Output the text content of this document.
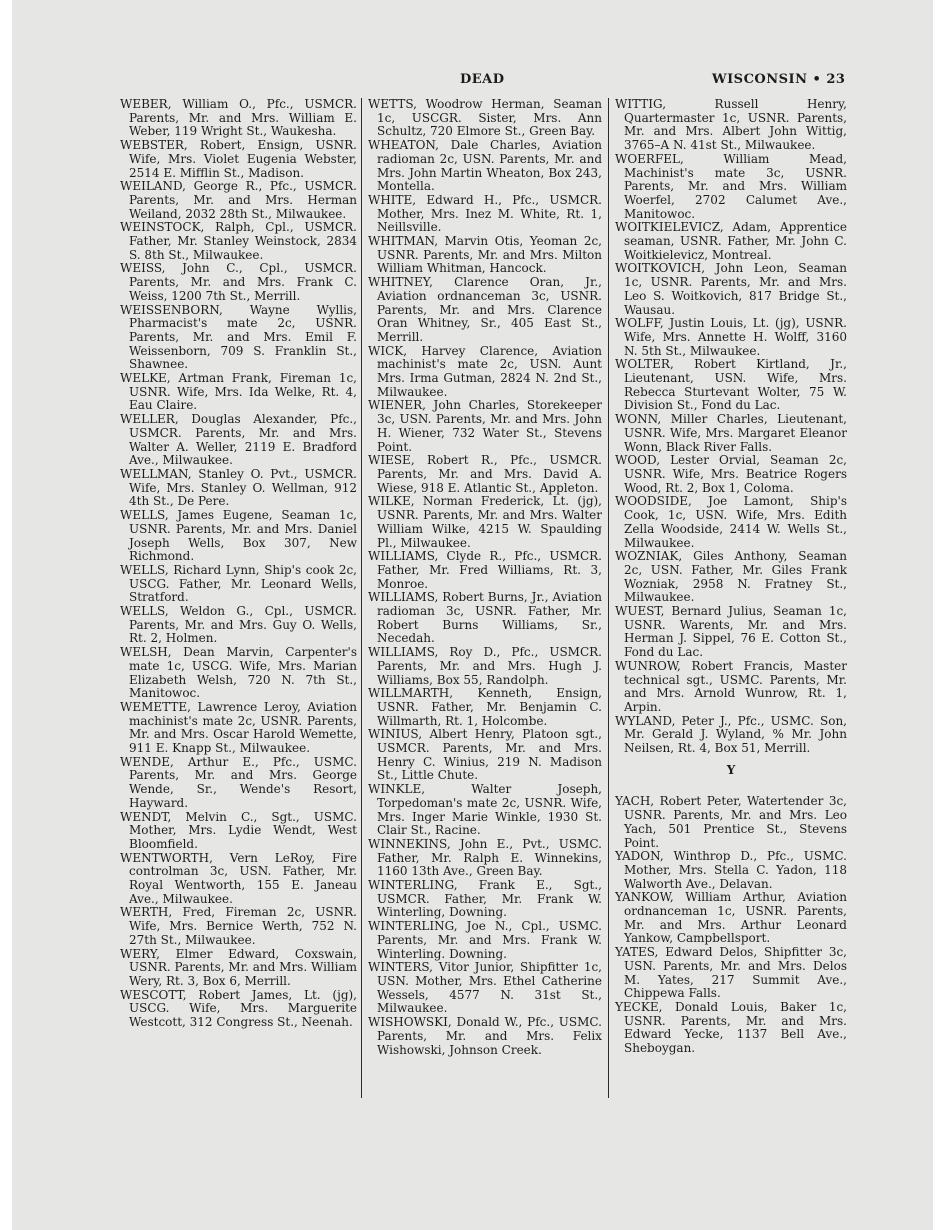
DEAD	WISCONSIN • 23

WEBER, William O., Pfc., USMCR. Parents, Mr. and Mrs. William E. Weber, 119 Wright St., Waukesha.

WEBSTER, Robert, Ensign, USNR. Wife, Mrs. Violet Eugenia Webster, 2514 E. Mifflin St., Madison.

WEILAND, George R., Pfc., USMCR. Parents, Mr. and Mrs. Herman Weiland, 2032 28th St., Milwaukee.

WEINSTOCK, Ralph, Cpl., USMCR. Father, Mr. Stanley Weinstock, 2834 S. 8th St., Milwaukee.

WEISS, John C., Cpl., USMCR. Parents, Mr. and Mrs. Frank C. Weiss, 1200 7th St., Merrill.

WEISSENBORN, Wayne Wyllis, Pharmacist's mate 2c, USNR. Parents, Mr. and Mrs. Emil F. Weissenborn, 709 S. Franklin St., Shawnee.

WELKE, Artman Frank, Fireman 1c, USNR. Wife, Mrs. Ida Welke, Rt. 4, Eau Claire.

WELLER, Douglas Alexander, Pfc., USMCR. Parents, Mr. and Mrs. Walter A. Weller, 2119 E. Bradford Ave., Milwaukee.

WELLMAN, Stanley O. Pvt., USMCR. Wife, Mrs. Stanley O. Wellman, 912 4th St., De Pere.

WELLS, James Eugene, Seaman 1c, USNR. Parents, Mr. and Mrs. Daniel Joseph Wells, Box 307, New Richmond.

WELLS, Richard Lynn, Ship's cook 2c, USCG. Father, Mr. Leonard Wells, Stratford.

WELLS, Weldon G., Cpl., USMCR. Parents, Mr. and Mrs. Guy O. Wells, Rt. 2, Holmen.

WELSH, Dean Marvin, Carpenter's mate 1c, USCG. Wife, Mrs. Marian Elizabeth Welsh, 720 N. 7th St., Manitowoc.

WEMETTE, Lawrence Leroy, Aviation machinist's mate 2c, USNR. Parents, Mr. and Mrs. Oscar Harold Wemette, 911 E. Knapp St., Milwaukee.

WENDE, Arthur E., Pfc., USMC. Parents, Mr. and Mrs. George Wende, Sr., Wende's Resort, Hayward.

WENDT, Melvin C., Sgt., USMC. Mother, Mrs. Lydie Wendt, West Bloomfield.

WENTWORTH, Vern LeRoy, Fire controlman 3c, USN. Father, Mr. Royal Wentworth, 155 E. Janeau Ave., Milwaukee.

WERTH, Fred, Fireman 2c, USNR. Wife, Mrs. Bernice Werth, 752 N. 27th St., Milwaukee.

WERY, Elmer Edward, Coxswain, USNR. Parents, Mr. and Mrs. William Wery, Rt. 3, Box 6, Merrill.

WESCOTT, Robert James, Lt. (jg), USCG. Wife, Mrs. Marguerite Westcott, 312 Congress St., Neenah.

WETTS, Woodrow Herman, Seaman 1c, USCGR. Sister, Mrs. Ann Schultz, 720 Elmore St., Green Bay.

WHEATON, Dale Charles, Aviation radioman 2c, USN. Parents, Mr. and Mrs. John Martin Wheaton, Box 243, Montella.

WHITE, Edward H., Pfc., USMCR. Mother, Mrs. Inez M. White, Rt. 1, Neillsville.

WHITMAN, Marvin Otis, Yeoman 2c, USNR. Parents, Mr. and Mrs. Milton William Whitman, Hancock.

WHITNEY, Clarence Oran, Jr., Aviation ordnanceman 3c, USNR. Parents, Mr. and Mrs. Clarence Oran Whitney, Sr., 405 East St., Merrill.

WICK, Harvey Clarence, Aviation machinist's mate 2c, USN. Aunt Mrs. Irma Gutman, 2824 N. 2nd St., Milwaukee.

WIENER, John Charles, Storekeeper 3c, USN. Parents, Mr. and Mrs. John H. Wiener, 732 Water St., Stevens Point.

WIESE, Robert R., Pfc., USMCR. Parents, Mr. and Mrs. David A. Wiese, 918 E. Atlantic St., Appleton.

WILKE, Norman Frederick, Lt. (jg), USNR. Parents, Mr. and Mrs. Walter William Wilke, 4215 W. Spaulding Pl., Milwaukee.

WILLIAMS, Clyde R., Pfc., USMCR. Father, Mr. Fred Williams, Rt. 3, Monroe.

WILLIAMS, Robert Burns, Jr., Aviation radioman 3c, USNR. Father, Mr. Robert Burns Williams, Sr., Necedah.

WILLIAMS, Roy D., Pfc., USMCR. Parents, Mr. and Mrs. Hugh J. Williams, Box 55, Randolph.

WILLMARTH, Kenneth, Ensign, USNR. Father, Mr. Benjamin C. Willmarth, Rt. 1, Holcombe.

WINIUS, Albert Henry, Platoon sgt., USMCR. Parents, Mr. and Mrs. Henry C. Winius, 219 N. Madison St., Little Chute.

WINKLE, Walter Joseph, Torpedoman's mate 2c, USNR. Wife, Mrs. Inger Marie Winkle, 1930 St. Clair St., Racine.

WINNEKINS, John E., Pvt., USMC. Father, Mr. Ralph E. Winnekins, 1160 13th Ave., Green Bay.

WINTERLING, Frank E., Sgt., USMCR. Father, Mr. Frank W. Winterling, Downing.

WINTERLING, Joe N., Cpl., USMC. Parents, Mr. and Mrs. Frank W. Winterling. Downing.

WINTERS, Vitor Junior, Shipfitter 1c, USN. Mother, Mrs. Ethel Catherine Wessels, 4577 N. 31st St., Milwaukee.

WISHOWSKI, Donald W., Pfc., USMC. Parents, Mr. and Mrs. Felix Wishowski, Johnson Creek.

WITTIG, Russell Henry, Quartermaster 1c, USNR. Parents, Mr. and Mrs. Albert John Wittig, 3765–A N. 41st St., Milwaukee.

WOERFEL, William Mead, Machinist's mate 3c, USNR. Parents, Mr. and Mrs. William Woerfel, 2702 Calumet Ave., Manitowoc.

WOITKIELEVICZ, Adam, Apprentice seaman, USNR. Father, Mr. John C. Woitkielevicz, Montreal.

WOITKOVICH, John Leon, Seaman 1c, USNR. Parents, Mr. and Mrs. Leo S. Woitkovich, 817 Bridge St., Wausau.

WOLFF, Justin Louis, Lt. (jg), USNR. Wife, Mrs. Annette H. Wolff, 3160 N. 5th St., Milwaukee.

WOLTER, Robert Kirtland, Jr., Lieutenant, USN. Wife, Mrs. Rebecca Sturtevant Wolter, 75 W. Division St., Fond du Lac.

WONN, Miller Charles, Lieutenant, USNR. Wife, Mrs. Margaret Eleanor Wonn, Black River Falls.

WOOD, Lester Orvial, Seaman 2c, USNR. Wife, Mrs. Beatrice Rogers Wood, Rt. 2, Box 1, Coloma.

WOODSIDE, Joe Lamont, Ship's Cook, 1c, USN. Wife, Mrs. Edith Zella Woodside, 2414 W. Wells St., Milwaukee.

WOZNIAK, Giles Anthony, Seaman 2c, USN. Father, Mr. Giles Frank Wozniak, 2958 N. Fratney St., Milwaukee.

WUEST, Bernard Julius, Seaman 1c, USNR. Warents, Mr. and Mrs. Herman J. Sippel, 76 E. Cotton St., Fond du Lac.

WUNROW, Robert Francis, Master technical sgt., USMC. Parents, Mr. and Mrs. Arnold Wunrow, Rt. 1, Arpin.

WYLAND, Peter J., Pfc., USMC. Son, Mr. Gerald J. Wyland, % Mr. John Neilsen, Rt. 4, Box 51, Merrill.

Y

YACH, Robert Peter, Watertender 3c, USNR. Parents, Mr. and Mrs. Leo Yach, 501 Prentice St., Stevens Point.

YADON, Winthrop D., Pfc., USMC. Mother, Mrs. Stella C. Yadon, 118 Walworth Ave., Delavan.

YANKOW, William Arthur, Aviation ordnanceman 1c, USNR. Parents, Mr. and Mrs. Arthur Leonard Yankow, Campbellsport.

YATES, Edward Delos, Shipfitter 3c, USN. Parents, Mr. and Mrs. Delos M. Yates, 217 Summit Ave., Chippewa Falls.

YECKE, Donald Louis, Baker 1c, USNR. Parents, Mr. and Mrs. Edward Yecke, 1137 Bell Ave., Sheboygan.
